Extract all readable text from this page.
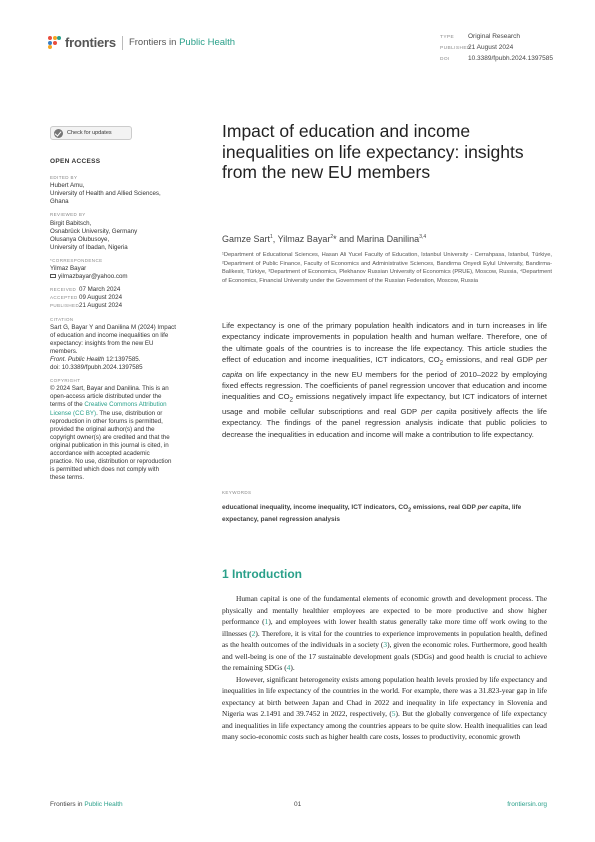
frontiers Frontiers in Public Health	TYPE Original Research
PUBLISHED21 August 2024
DOI	10.3389/fpubh.2024.1397585
Check for updates
OPEN ACCESS
EDITED BY
Hubert Amu,
University of Health and Allied Sciences,
Ghana
REVIEWED BY
Birgit Babitsch,
Osnabrück University, Germany
Olusanya Olubusoye,
University of Ibadan, Nigeria
*CORRESPONDENCE
Yilmaz Bayar
yilmazbayar@yahoo.com
RECEIVED 07 March 2024
ACCEPTED09 August 2024
PUBLISHED21 August 2024
CITATION
Sart G, Bayar Y and Danilina M (2024) Impact
of education and income inequalities on life
expectancy: insights from the new EU
members.
Front. Public Health 12:1397585.
doi: 10.3389/fpubh.2024.1397585
COPYRIGHT
© 2024 Sart, Bayar and Danilina. This is an
open-access article distributed under the
terms of the Creative Commons Attribution
License (CC BY). The use, distribution or
reproduction in other forums is permitted,
provided the original author(s) and the
copyright owner(s) are credited and that the
original publication in this journal is cited, in
accordance with accepted academic
practice. No use, distribution or reproduction
is permitted which does not comply with
these terms.
Impact of education and income inequalities on life expectancy: insights from the new EU members
Gamze Sart$^1$, Yilmaz Bayar$^2$* and Marina Danilina$^{3,4}$
¹Department of Educational Sciences, Hasan Ali Yucel Faculty of Education, Istanbul University - Cerrahpasa, Istanbul, Türkiye, ²Department of Public Finance, Faculty of Economics and Administrative Sciences, Bandirma Onyedi Eylul University, Bandirma-Balikesir, Türkiye, ³Department of Economics, Plekhanov Russian University of Economics (PRUE), Moscow, Russia, ⁴Department of Economics, Financial University under the Government of the Russian Federation, Moscow, Russia
Life expectancy is one of the primary population health indicators and in turn increases in life expectancy indicate improvements in population health and human welfare. Therefore, one of the ultimate goals of the countries is to increase the life expectancy. This article studies the effect of education and income inequalities, ICT indicators, $CO_2$ emissions, and real GDP per capita on life expectancy in the new EU members for the period of 2010–2022 by employing fixed effects regression. The coefficients of panel regression uncover that education and income inequalities and $CO_2$ emissions negatively impact life expectancy, but ICT indicators of internet usage and mobile cellular subscriptions and real GDP per capita positively affects the life expectancy. The findings of the panel regression analysis indicate that public policies to decrease the inequalities in education and income will make a contribution to life expectancy.
KEYWORDS
educational inequality, income inequality, ICT indicators, $CO_2$ emissions, real GDP per capita, life expectancy, panel regression analysis
1 Introduction

Human capital is one of the fundamental elements of economic growth and development process. The physically and mentally healthier employees are expected to be more productive and show higher performance (1), and employees with lower health status generally take more time off work owing to the illnesses (2). Therefore, it is vital for the countries to experience improvements in population health, defined as the health outcomes of the individuals in a society (3), given the economic roles. Furthermore, good health and well-being is one of the 17 sustainable development goals (SDGs) and good health is crucial to achieve the remaining SDGs (4).

However, significant heterogeneity exists among population health levels proxied by life expectancy and inequalities in life expectancy of the countries in the world. For example, there was a 31.823-year gap in life expectancy at birth between Japan and Chad in 2022 and inequality in life expectancy in Slovenia and Nigeria was 2.1491 and 39.7452 in 2022, respectively, (5). But the globally convergence of life expectancy and inequalities in life expectancy among the countries appears to be quite slow. Health inequalities can lead many socio-economic costs such as higher health care costs, losses to productivity, economic growth

Frontiers in Public Health	01	frontiersin.org
